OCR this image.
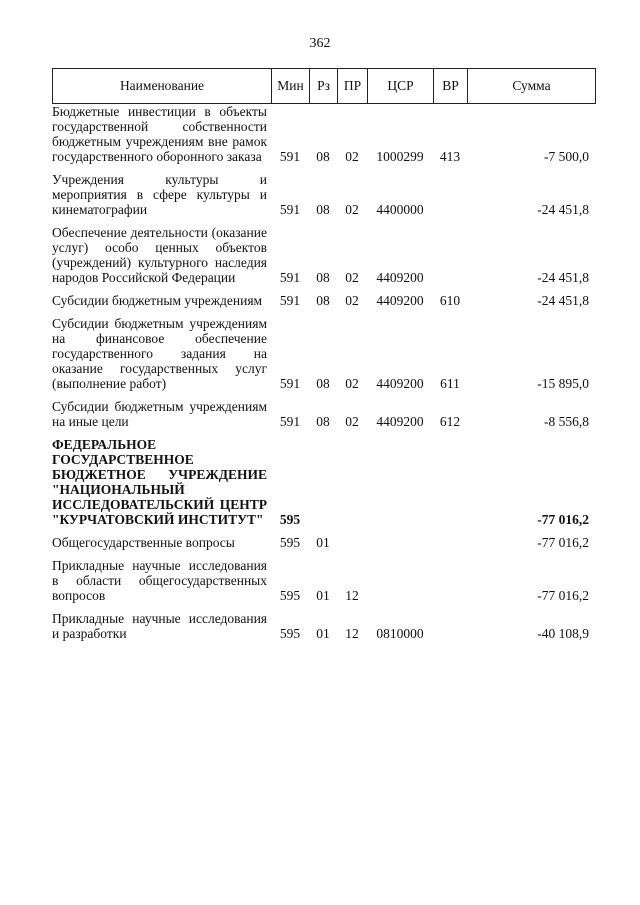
362
Наименование	Мин	Рз	ПР	ЦСР	ВР	Сумма
Бюджетные инвестиции в объекты государственной собственности бюджетным учреждениям вне рамок государственного оборонного заказа	591	08	02	1000299	413	-7 500,0

Учреждения культуры и мероприятия в сфере культуры и кинематографии	591	08	02	4400000		-24 451,8

Обеспечение деятельности (оказание услуг) особо ценных объектов (учреждений) культурного наследия народов Российской Федерации	591	08	02	4409200		-24 451,8

Субсидии бюджетным учреждениям	591	08	02	4409200	610	-24 451,8

Субсидии бюджетным учреждениям на финансовое обеспечение государственного задания на оказание государственных услуг (выполнение работ)	591	08	02	4409200	611	-15 895,0

Субсидии бюджетным учреждениям на иные цели	591	08	02	4409200	612	-8 556,8

ФЕДЕРАЛЬНОЕ ГОСУДАРСТВЕННОЕ БЮДЖЕТНОЕ УЧРЕЖДЕНИЕ "НАЦИОНАЛЬНЫЙ ИССЛЕДОВАТЕЛЬСКИЙ ЦЕНТР "КУРЧАТОВСКИЙ ИНСТИТУТ"	595					-77 016,2

Общегосударственные вопросы	595	01				-77 016,2

Прикладные научные исследования в области общегосударственных вопросов	595	01	12			-77 016,2

Прикладные научные исследования и разработки	595	01	12	0810000		-40 108,9
